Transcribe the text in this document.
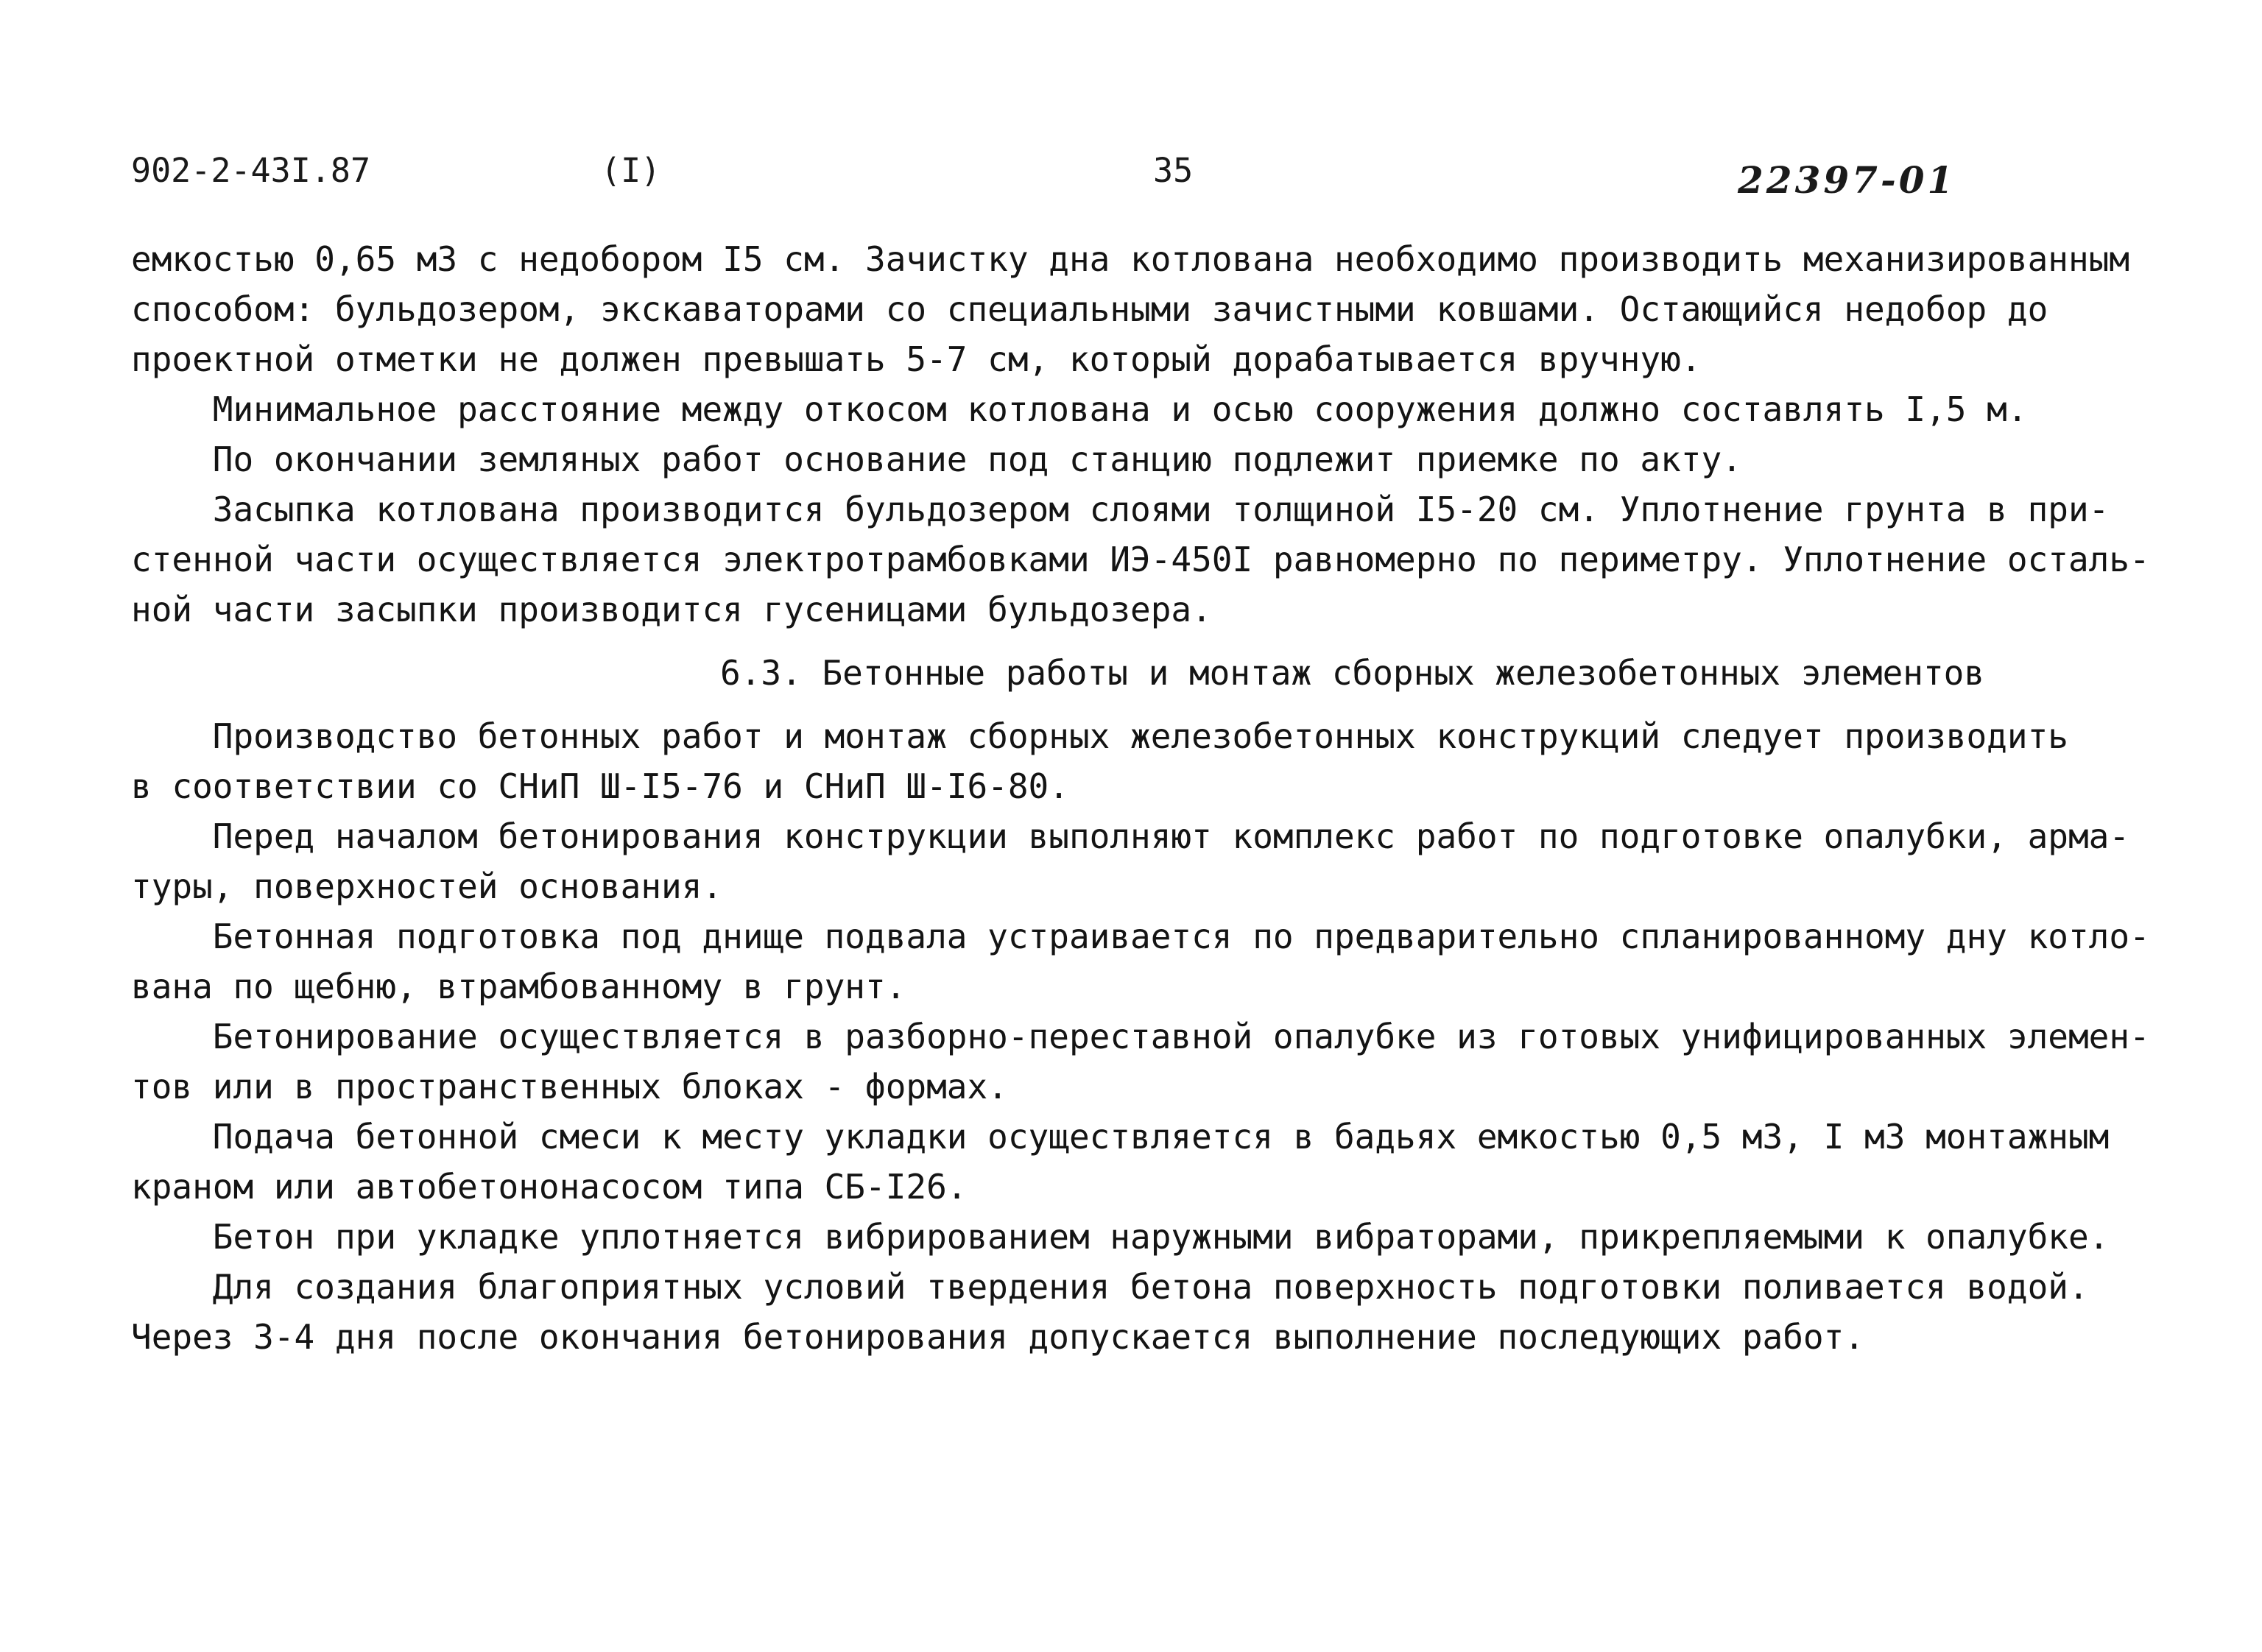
902-2-43I.87	(I)	35	22397-01
емкостью 0,65 м3 с недобором I5 см. Зачистку дна котлована необходимо производить механизированным
способом: бульдозером, экскаваторами со специальными зачистными ковшами. Остающийся недобор до
проектной отметки не должен превышать 5-7 см, который дорабатывается вручную.
Минимальное расстояние между откосом котлована и осью сооружения должно составлять I,5 м.
По окончании земляных работ основание под станцию подлежит приемке по акту.
Засыпка котлована производится бульдозером слоями толщиной I5-20 см. Уплотнение грунта в при-
стенной части осуществляется электротрамбовками ИЭ-450I равномерно по периметру. Уплотнение осталь-
ной части засыпки производится гусеницами бульдозера.
6.3. Бетонные работы и монтаж сборных железобетонных элементов
Производство бетонных работ и монтаж сборных железобетонных конструкций следует производить
в соответствии со СНиП Ш-I5-76 и СНиП Ш-I6-80.
Перед началом бетонирования конструкции выполняют комплекс работ по подготовке опалубки, арма-
туры, поверхностей основания.
Бетонная подготовка под днище подвала устраивается по предварительно спланированному дну котло-
вана по щебню, втрамбованному в грунт.
Бетонирование осуществляется в разборно-переставной опалубке из готовых унифицированных элемен-
тов или в пространственных блоках - формах.
Подача бетонной смеси к месту укладки осуществляется в бадьях емкостью 0,5 м3, I м3 монтажным
краном или автобетононасосом типа СБ-I26.
Бетон при укладке уплотняется вибрированием наружными вибраторами, прикрепляемыми к опалубке.
Для создания благоприятных условий твердения бетона поверхность подготовки поливается водой.
Через 3-4 дня после окончания бетонирования допускается выполнение последующих работ.
